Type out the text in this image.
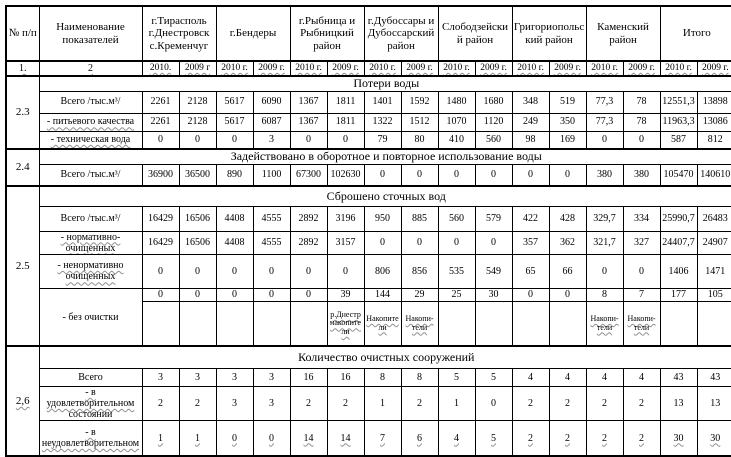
№ п/п	Наименование показателей	г.Тирасполь г.Днестровск с.Кременчуг		г.Бендеры		г.Рыбница и Рыбницкий район		г.Дубоссары и Дубоссарский район		Слободзейский район		Григориопольский район		Каменский район		Итого	
1.	2	2010.	2009 г	2010 г.	2009 г.	2010 г.	2009 г.	2010 г.	2009 г.	2010 г.	2009 г.	2010 г.	2009 г.	2010 г.	2009 г.	2010 г.	2009 г.
2.3	Потери воды																
	Всего /тыс.м³/	2261	2128	5617	6090	1367	1811	1401	1592	1480	1680	348	519	77,3	78	12551,3	13898
	- питьевого качества	2261	2128	5617	6087	1367	1811	1322	1512	1070	1120	249	350	77,3	78	11963,3	13086
	- техническая вода	0	0	0	3	0	0	79	80	410	560	98	169	0	0	587	812
2.4	Задействовано в оборотное и повторное использование воды																
	Всего /тыс.м³/	36900	36500	890	1100	67300	102630	0	0	0	0	0	0	380	380	105470	140610
2.5	Сброшено сточных вод																
	Всего /тыс.м³/	16429	16506	4408	4555	2892	3196	950	885	560	579	422	428	329,7	334	25990,7	26483
	- нормативно-очищенных	16429	16506	4408	4555	2892	3157	0	0	0	0	357	362	321,7	327	24407,7	24907
	- ненормативно очищенных	0	0	0	0	0	0	806	856	535	549	65	66	0	0	1406	1471
	- без очистки	0	0	0	0	0	39	144	29	25	30	0	0	8	7	177	105
							р.Днестр накопители	Накопители	Накопи-тели					Накопи-тели	Накопи-тели		
2,6	Количество очистных сооружений																
	Всего	3	3	3	3	16	16	8	8	5	5	4	4	4	4	43	43
	- в удовлетворительном состоянии	2	2	3	3	2	2	1	2	1	0	2	2	2	2	13	13
	- в неудовлетворительном	1	1	0	0	14	14	7	6	4	5	2	2	2	2	30	30
